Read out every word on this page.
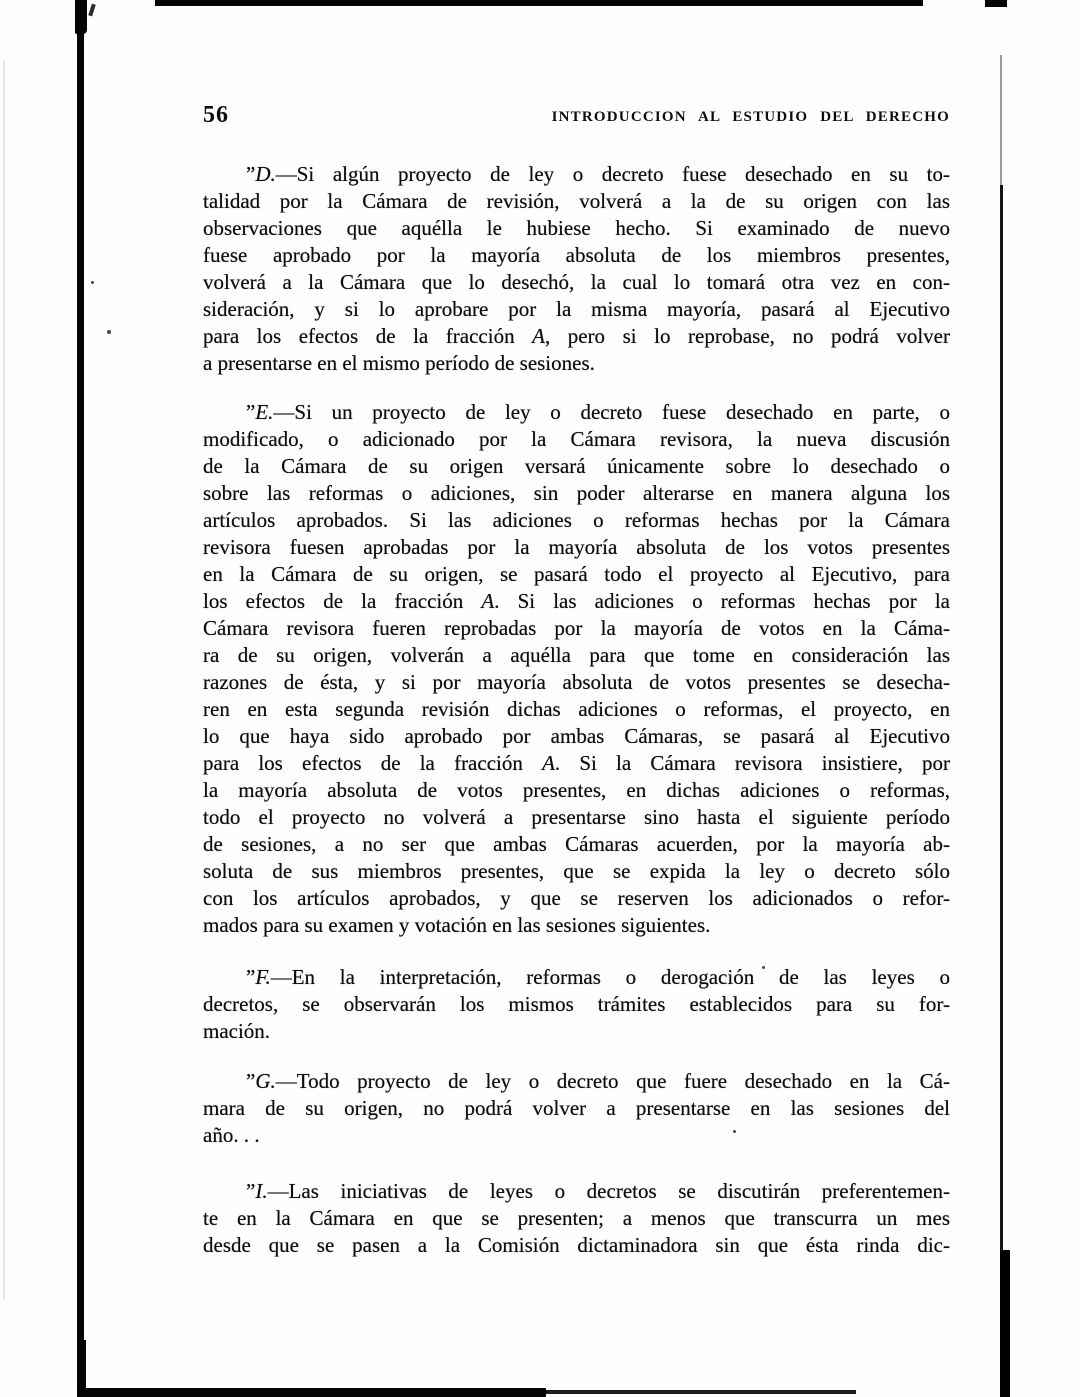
56	INTRODUCCION AL ESTUDIO DEL DERECHO
”D.—Si algún proyecto de ley o decreto fuese desechado en su to-
talidad por la Cámara de revisión, volverá a la de su origen con las
observaciones que aquélla le hubiese hecho. Si examinado de nuevo
fuese aprobado por la mayoría absoluta de los miembros presentes,
volverá a la Cámara que lo desechó, la cual lo tomará otra vez en con-
sideración, y si lo aprobare por la misma mayoría, pasará al Ejecutivo
para los efectos de la fracción A, pero si lo reprobase, no podrá volver
a presentarse en el mismo período de sesiones.
”E.—Si un proyecto de ley o decreto fuese desechado en parte, o
modificado, o adicionado por la Cámara revisora, la nueva discusión
de la Cámara de su origen versará únicamente sobre lo desechado o
sobre las reformas o adiciones, sin poder alterarse en manera alguna los
artículos aprobados. Si las adiciones o reformas hechas por la Cámara
revisora fuesen aprobadas por la mayoría absoluta de los votos presentes
en la Cámara de su origen, se pasará todo el proyecto al Ejecutivo, para
los efectos de la fracción A. Si las adiciones o reformas hechas por la
Cámara revisora fueren reprobadas por la mayoría de votos en la Cáma-
ra de su origen, volverán a aquélla para que tome en consideración las
razones de ésta, y si por mayoría absoluta de votos presentes se desecha-
ren en esta segunda revisión dichas adiciones o reformas, el proyecto, en
lo que haya sido aprobado por ambas Cámaras, se pasará al Ejecutivo
para los efectos de la fracción A. Si la Cámara revisora insistiere, por
la mayoría absoluta de votos presentes, en dichas adiciones o reformas,
todo el proyecto no volverá a presentarse sino hasta el siguiente período
de sesiones, a no ser que ambas Cámaras acuerden, por la mayoría ab-
soluta de sus miembros presentes, que se expida la ley o decreto sólo
con los artículos aprobados, y que se reserven los adicionados o refor-
mados para su examen y votación en las sesiones siguientes.
”F.—En la interpretación, reformas o derogación de las leyes o
decretos, se observarán los mismos trámites establecidos para su for-
mación.
”G.—Todo proyecto de ley o decreto que fuere desechado en la Cá-
mara de su origen, no podrá volver a presentarse en las sesiones del
año. . .
”I.—Las iniciativas de leyes o decretos se discutirán preferentemen-
te en la Cámara en que se presenten; a menos que transcurra un mes
desde que se pasen a la Comisión dictaminadora sin que ésta rinda dic-
